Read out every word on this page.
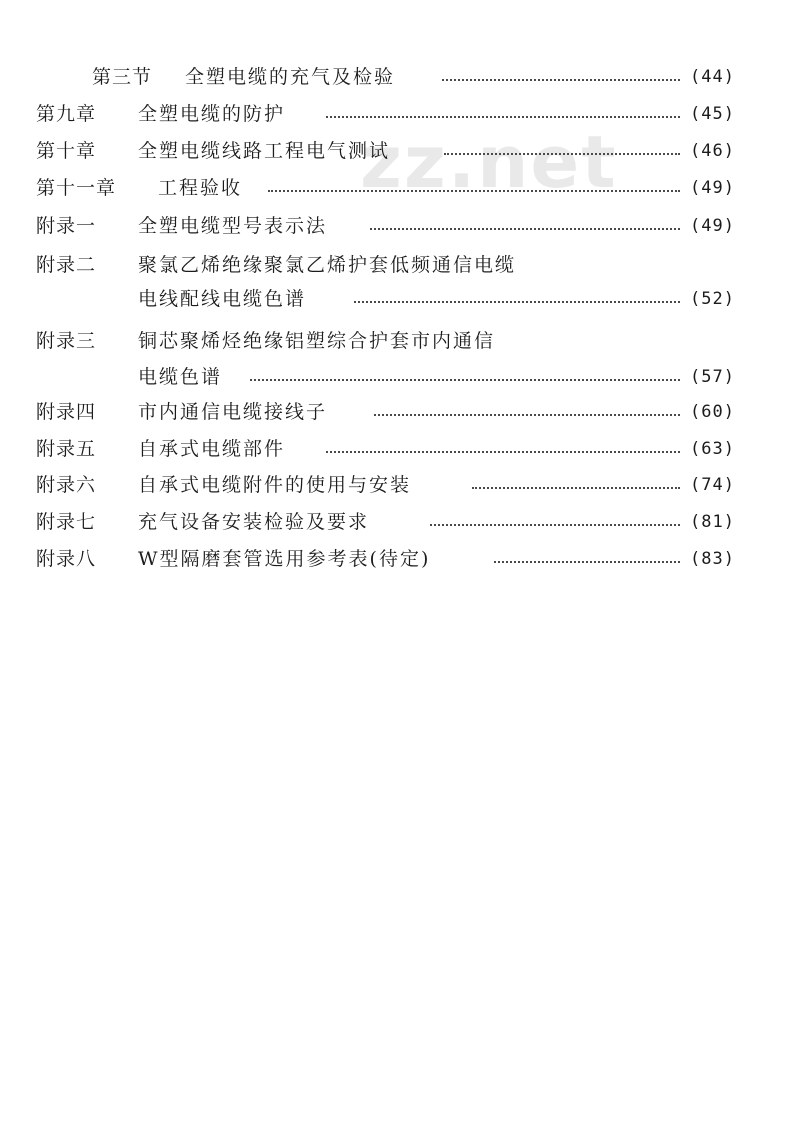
zz.net
第三节 全塑电缆的充气及检验	(44)
第九章 全塑电缆的防护	(45)
第十章 全塑电缆线路工程电气测试	(46)
第十一章 工程验收	(49)
附录一 全塑电缆型号表示法	(49)
附录二 聚氯乙烯绝缘聚氯乙烯护套低频通信电缆
电线配线电缆色谱	(52)
附录三 铜芯聚烯烃绝缘铝塑综合护套市内通信
电缆色谱	(57)
附录四 市内通信电缆接线子	(60)
附录五 自承式电缆部件	(63)
附录六 自承式电缆附件的使用与安装	(74)
附录七 充气设备安装检验及要求	(81)
附录八 W型隔磨套管选用参考表(待定)	(83)
